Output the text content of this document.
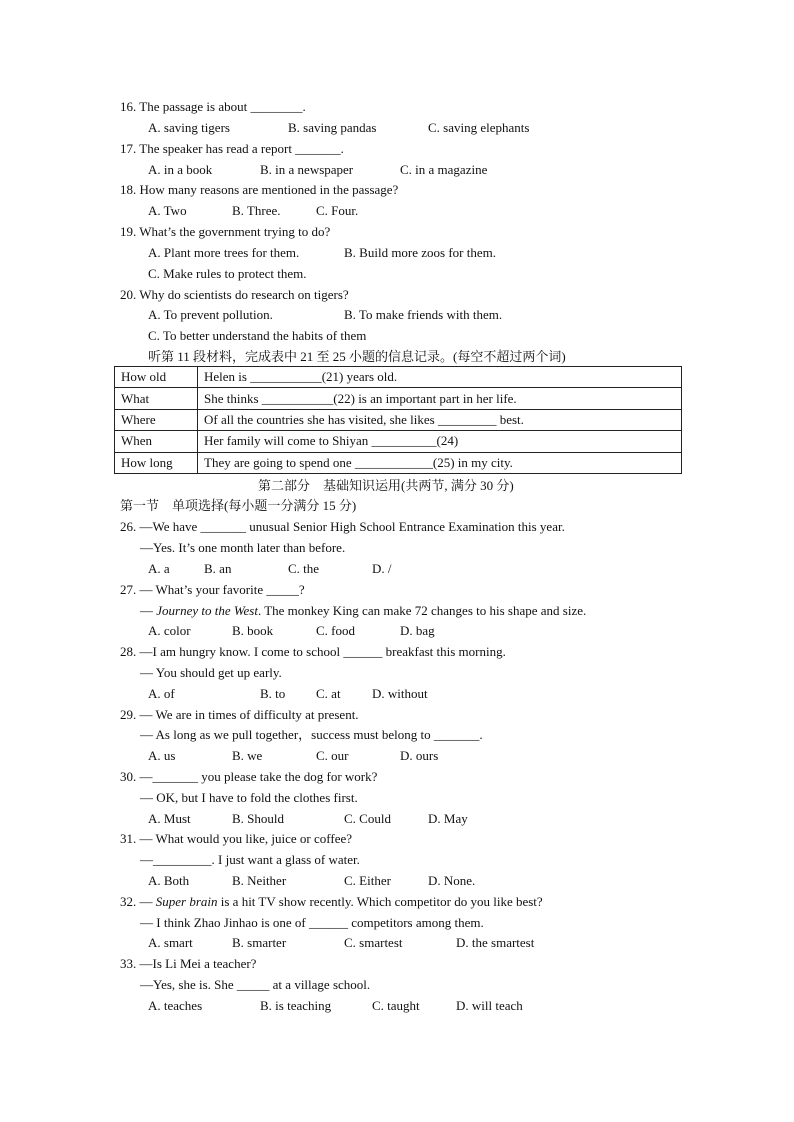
16. The passage is about ________.
A. saving tigers	B. saving pandas	C. saving elephants
17. The speaker has read a report _______.
A. in a book	B. in a newspaper	C. in a magazine
18. How many reasons are mentioned in the passage?
A. Two	B. Three.	C. Four.
19. What’s the government trying to do?
A. Plant more trees for them.	B. Build more zoos for them.
C. Make rules to protect them.
20. Why do scientists do research on tigers?
A. To prevent pollution.	B. To make friends with them.
C. To better understand the habits of them
听第 11 段材料，完成表中 21 至 25 小题的信息记录。(每空不超过两个词)
How old	Helen is ___________(21) years old.
What	She thinks ___________(22) is an important part in her life.
Where	Of all the countries she has visited, she likes _________ best.
When	Her family will come to Shiyan __________(24)
How long	They are going to spend one ____________(25) in my city.
第二部分    基础知识运用(共两节, 满分 30 分)
第一节    单项选择(每小题一分满分 15 分)
26. —We have _______ unusual Senior High School Entrance Examination this year.
—Yes. It’s one month later than before.
A. a	B. an	C. the	D. /
27. — What’s your favorite _____?
— Journey to the West. The monkey King can make 72 changes to his shape and size.
A. color	B. book	C. food	D. bag
28. —I am hungry know. I come to school ______ breakfast this morning.
— You should get up early.
A. of	B. to C. at D. without
29. — We are in times of difficulty at present.
— As long as we pull together，success must belong to _______.
A. us	B. we	C. our	D. ours
30. —_______ you please take the dog for work?
— OK, but I have to fold the clothes first.
A. Must	B. Should	C. Could	D. May
31. — What would you like, juice or coffee?
—_________. I just want a glass of water.
A. Both	B. Neither	C. Either	D. None.
32. — Super brain is a hit TV show recently. Which competitor do you like best?
— I think Zhao Jinhao is one of ______ competitors among them.
A. smart	B. smarter	C. smartest	D. the smartest
33. —Is Li Mei a teacher?
—Yes, she is. She _____ at a village school.
A. teaches	B. is teaching	C. taught	D. will teach
